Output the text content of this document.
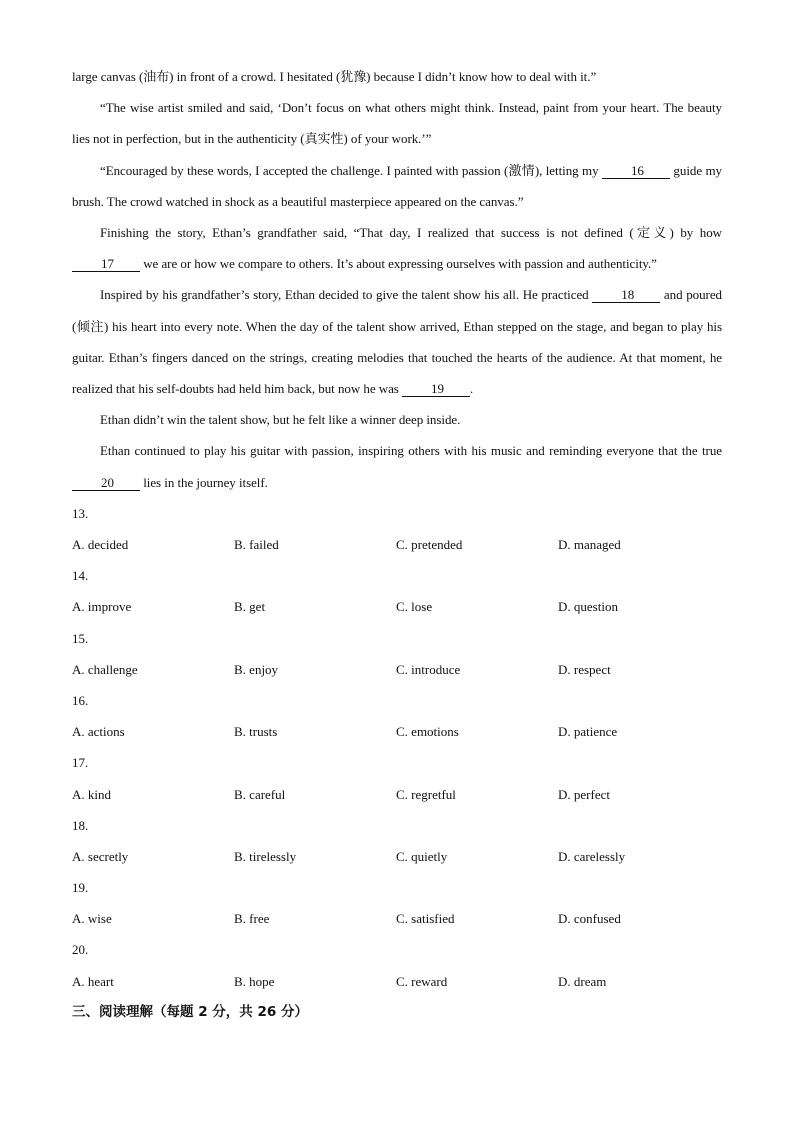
large canvas (油布) in front of a crowd. I hesitated (犹豫) because I didn’t know how to deal with it.”

“The wise artist smiled and said, ‘Don’t focus on what others might think. Instead, paint from your heart. The beauty lies not in perfection, but in the authenticity (真实性) of your work.’”

“Encouraged by these words, I accepted the challenge. I painted with passion (激情), letting my 16 guide my brush. The crowd watched in shock as a beautiful masterpiece appeared on the canvas.”

Finishing the story, Ethan’s grandfather said, “That day, I realized that success is not defined (定义) by how 17 we are or how we compare to others. It’s about expressing ourselves with passion and authenticity.”

Inspired by his grandfather’s story, Ethan decided to give the talent show his all. He practiced 18 and poured (倾注) his heart into every note. When the day of the talent show arrived, Ethan stepped on the stage, and began to play his guitar. Ethan’s fingers danced on the strings, creating melodies that touched the hearts of the audience. At that moment, he realized that his self-doubts had held him back, but now he was 19 .

Ethan didn’t win the talent show, but he felt like a winner deep inside.

Ethan continued to play his guitar with passion, inspiring others with his music and reminding everyone that the true 20 lies in the journey itself.

13.
A. decided	B. failed	C. pretended	D. managed
14.
A. improve	B. get	C. lose	D. question
15.
A. challenge	B. enjoy	C. introduce	D. respect
16.
A. actions	B. trusts	C. emotions	D. patience
17.
A. kind	B. careful	C. regretful	D. perfect
18.
A. secretly	B. tirelessly	C. quietly	D. carelessly
19.
A. wise	B. free	C. satisfied	D. confused
20.
A. heart	B. hope	C. reward	D. dream
三、阅读理解（每题 2 分，共 26 分）
